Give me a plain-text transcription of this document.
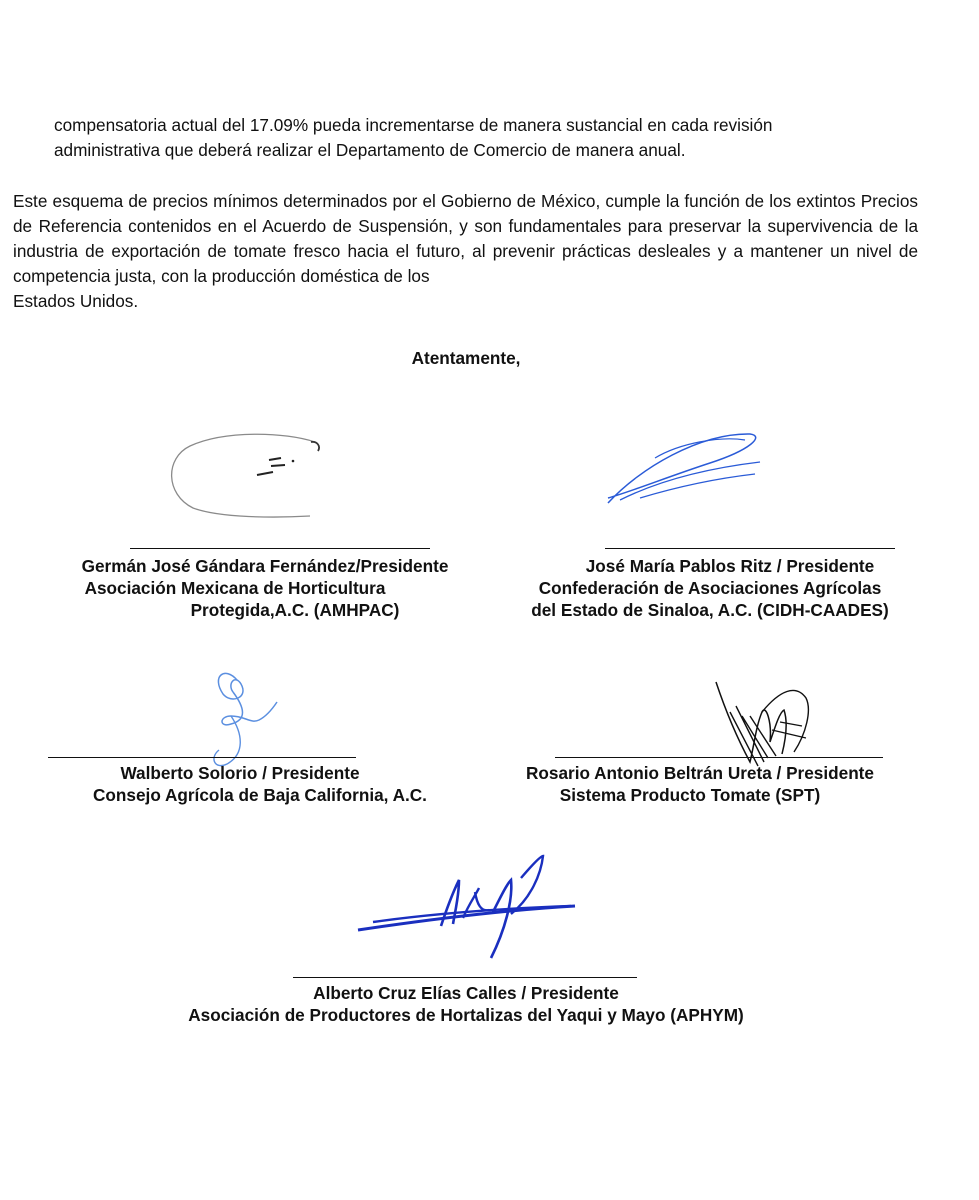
compensatoria actual del 17.09% pueda incrementarse de manera sustancial en cada revisión
administrativa que deberá realizar el Departamento de Comercio de manera anual.
Este esquema de precios mínimos determinados por el Gobierno de México, cumple la función de los extintos Precios de Referencia contenidos en el Acuerdo de Suspensión, y son fundamentales para preservar la supervivencia de la industria de exportación de tomate fresco hacia el futuro, al prevenir prácticas desleales y a mantener un nivel de competencia justa, con la producción doméstica de los
Estados Unidos.
Atentamente,
Germán José Gándara Fernández/Presidente
Asociación Mexicana de Horticultura
Protegida,A.C. (AMHPAC)
José María Pablos Ritz / Presidente
Confederación de Asociaciones Agrícolas
del Estado de Sinaloa, A.C. (CIDH-CAADES)
Walberto Solorio / Presidente
Consejo Agrícola de Baja California, A.C.
Rosario Antonio Beltrán Ureta / Presidente
Sistema Producto Tomate (SPT)
Alberto Cruz Elías Calles / Presidente
Asociación de Productores de Hortalizas del Yaqui y Mayo (APHYM)
